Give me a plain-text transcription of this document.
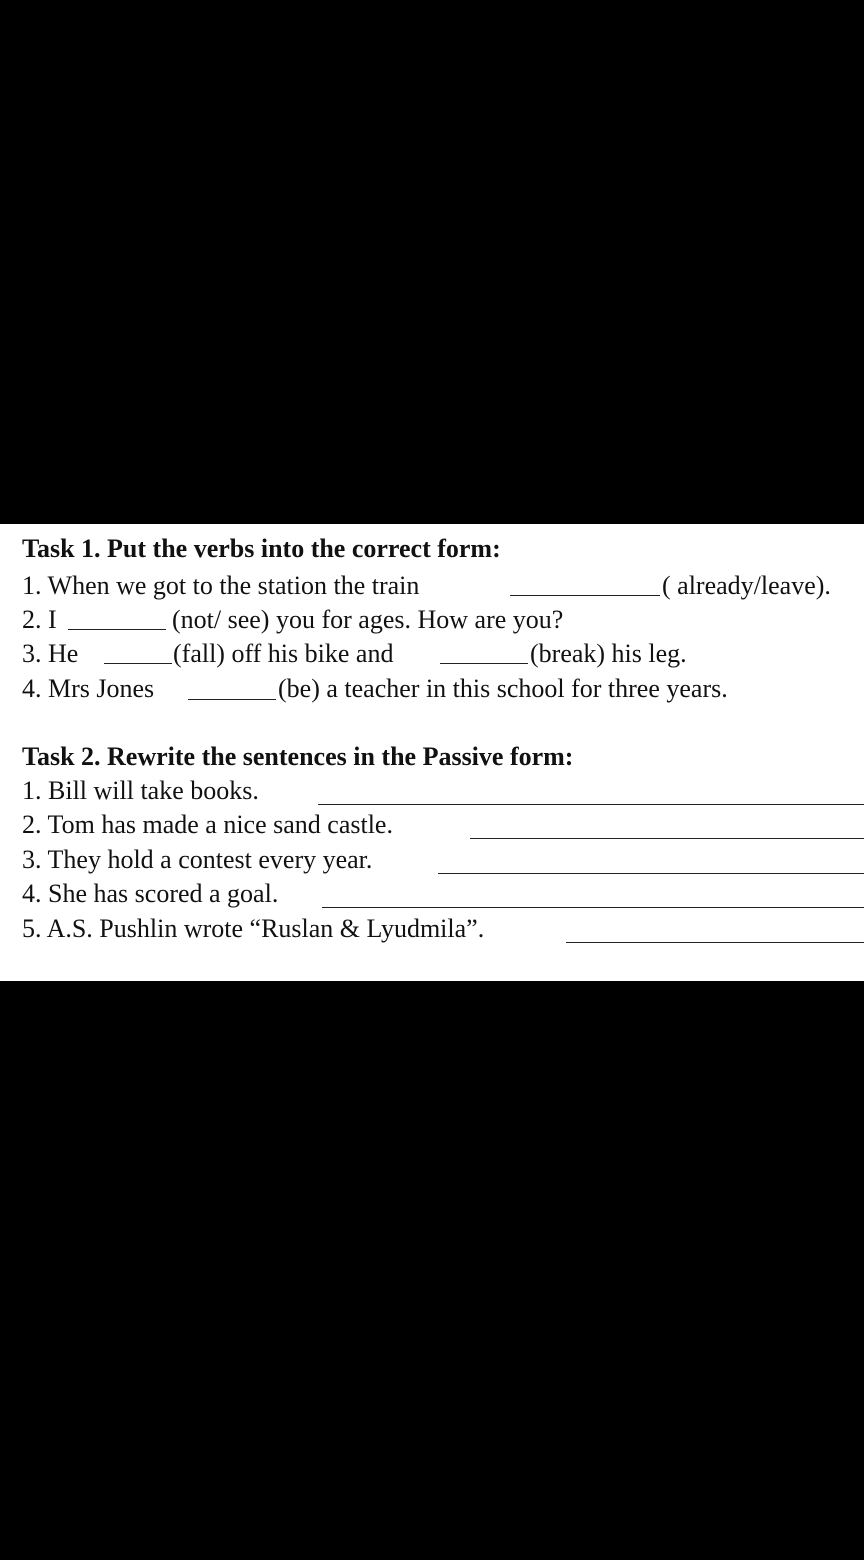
Task 1. Put the verbs into the correct form:
1. When we got to the station the train	( already/leave).
2. I	(not/ see) you for ages. How are you?
3. He	(fall) off his bike and	(break) his leg.
4. Mrs Jones	(be) a teacher in this school for three years.
Task 2. Rewrite the sentences in the Passive form:
1. Bill will take books.
2. Tom has made a nice sand castle.
3. They hold a contest every year.
4. She has scored a goal.
5. A.S. Pushlin wrote “Ruslan & Lyudmila”.
